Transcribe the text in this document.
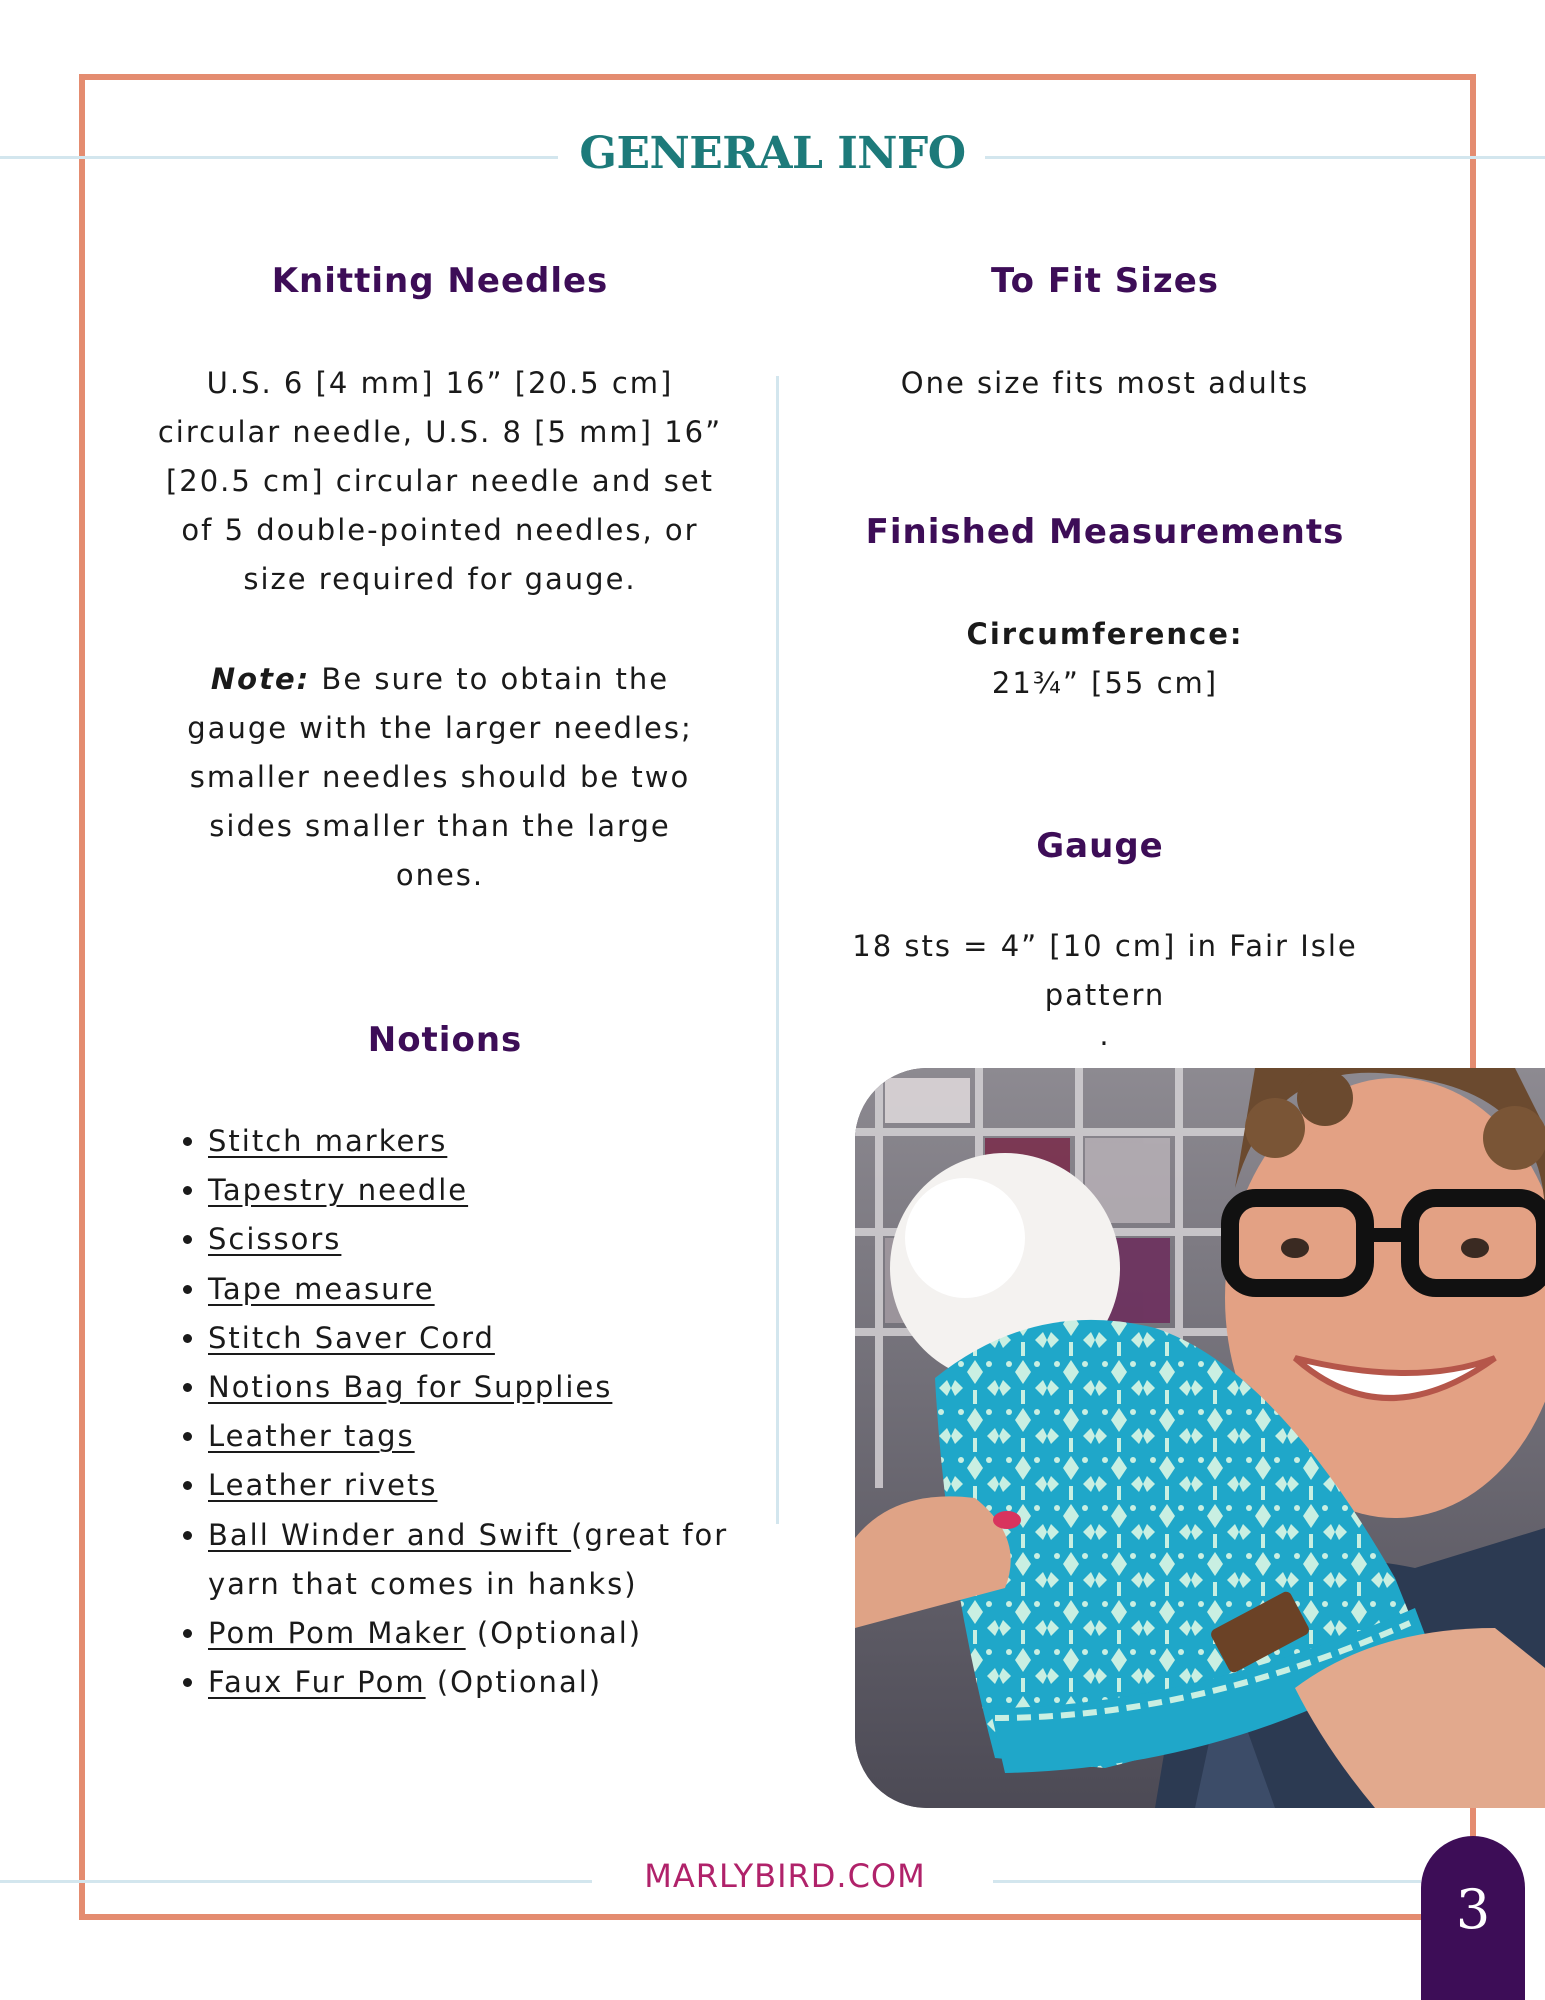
GENERAL INFO
Knitting Needles
U.S. 6 [4 mm] 16” [20.5 cm]
circular needle, U.S. 8 [5 mm] 16”
[20.5 cm] circular needle and set
of 5 double-pointed needles, or
size required for gauge.
Note: Be sure to obtain the
gauge with the larger needles;
smaller needles should be two
sides smaller than the large
ones.
Notions
• Stitch markers
• Tapestry needle
• Scissors
• Tape measure
• Stitch Saver Cord
• Notions Bag for Supplies
• Leather tags
• Leather rivets
• Ball Winder and Swift (great for yarn that comes in hanks)
• Pom Pom Maker (Optional)
• Faux Fur Pom (Optional)
To Fit Sizes
One size fits most adults
Finished Measurements
Circumference:
21¾” [55 cm]
Gauge
18 sts = 4” [10 cm] in Fair Isle
pattern
.
MARLYBIRD.COM
3
